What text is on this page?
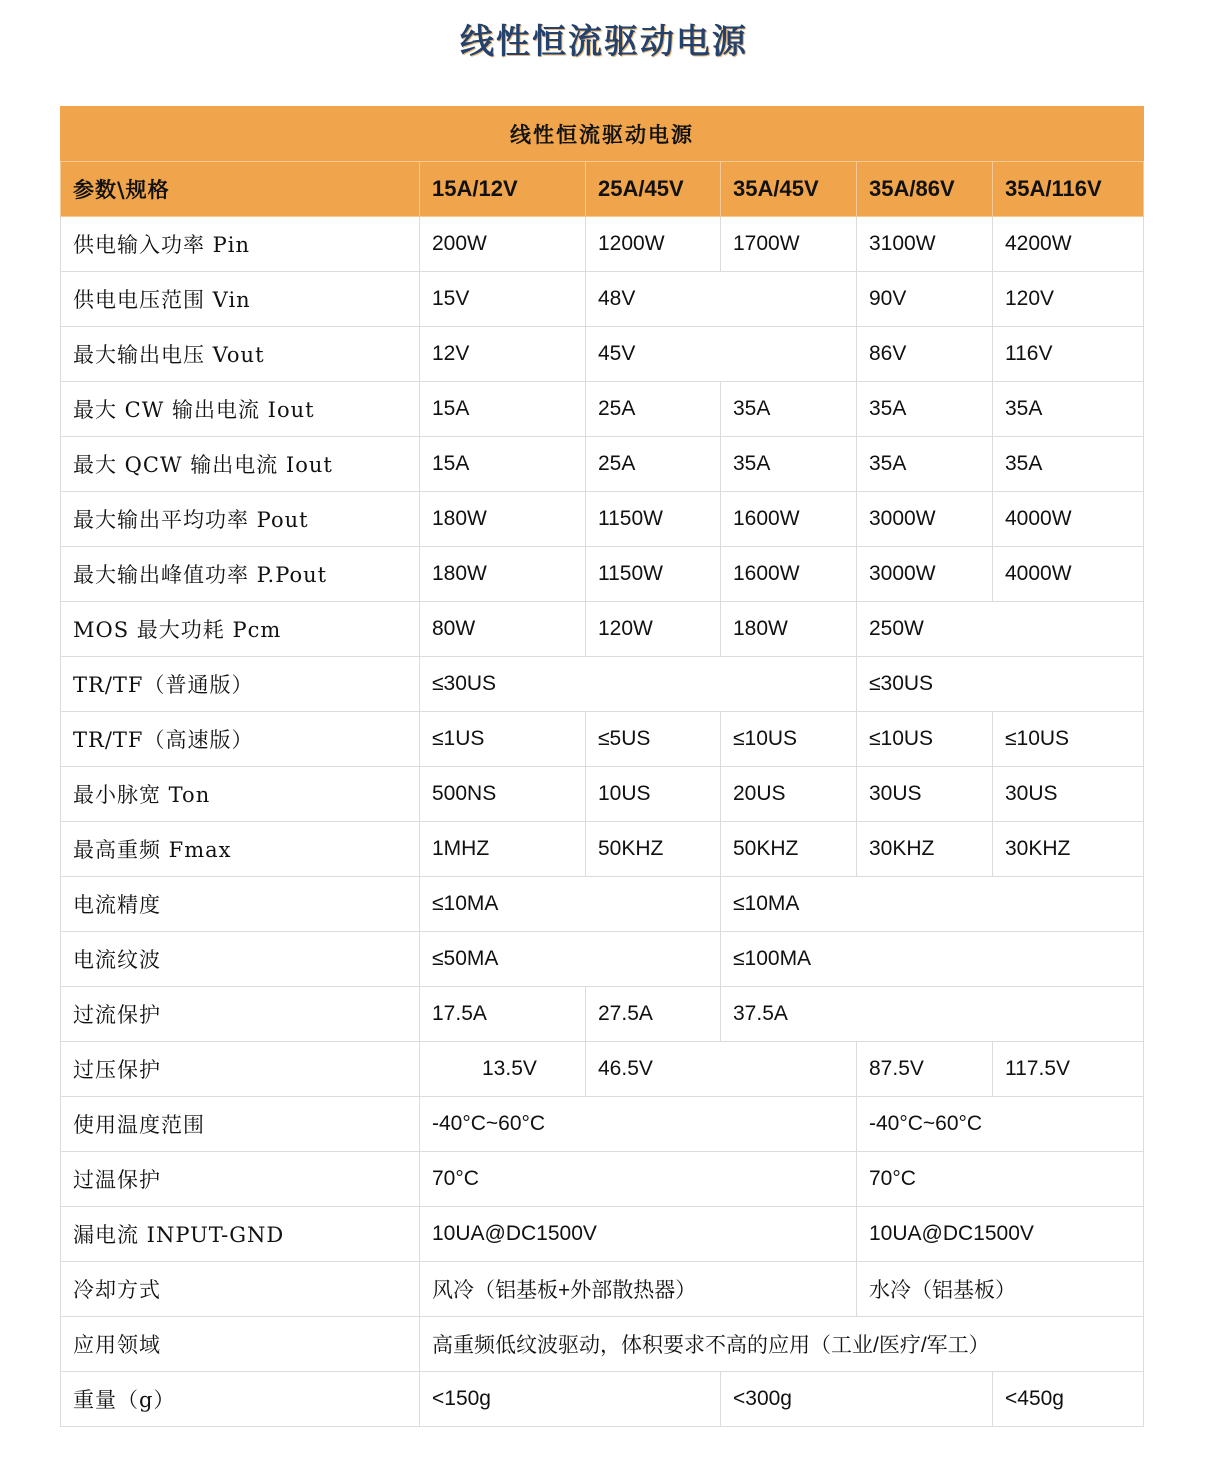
线性恒流驱动电源
线性恒流驱动电源					
参数\规格	15A/12V	25A/45V	35A/45V	35A/86V	35A/116V
供电输入功率 Pin	200W	1200W	1700W	3100W	4200W
供电电压范围 Vin	15V	48V		90V	120V
最大输出电压 Vout	12V	45V		86V	116V
最大 CW 输出电流 Iout	15A	25A	35A	35A	35A
最大 QCW 输出电流 Iout	15A	25A	35A	35A	35A
最大输出平均功率 Pout	180W	1150W	1600W	3000W	4000W
最大输出峰值功率 P.Pout	180W	1150W	1600W	3000W	4000W
MOS 最大功耗 Pcm	80W	120W	180W	250W	
TR/TF（普通版）	≤30US			≤30US	
TR/TF（高速版）	≤1US	≤5US	≤10US	≤10US	≤10US
最小脉宽 Ton	500NS	10US	20US	30US	30US
最高重频 Fmax	1MHZ	50KHZ	50KHZ	30KHZ	30KHZ
电流精度	≤10MA		≤10MA		
电流纹波	≤50MA		≤100MA		
过流保护	17.5A	27.5A	37.5A		
过压保护	13.5V	46.5V		87.5V	117.5V
使用温度范围	-40°C~60°C			-40°C~60°C	
过温保护	70°C			70°C	
漏电流 INPUT-GND	10UA@DC1500V			10UA@DC1500V	
冷却方式	风冷（铝基板+外部散热器）			水冷（铝基板）	
应用领域	高重频低纹波驱动，体积要求不高的应用（工业/医疗/军工）				
重量（g）	<150g		<300g		<450g
